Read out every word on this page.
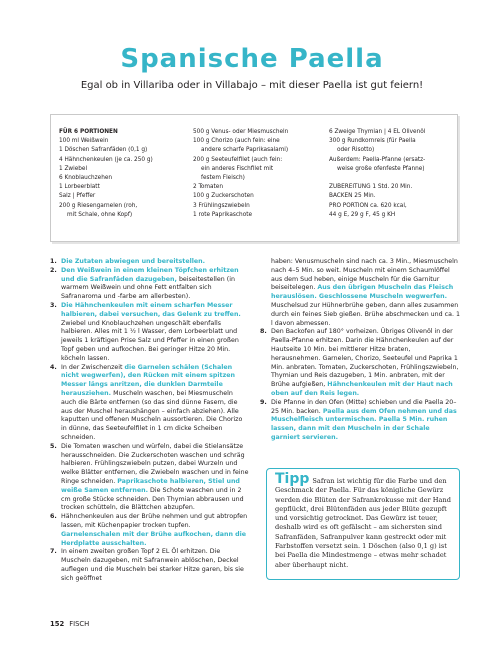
Spanische Paella
Egal ob in Villariba oder in Villabajo – mit dieser Paella ist gut feiern!
FÜR 6 PORTIONEN
100 ml Weißwein
1 Döschen Safranfäden (0,1 g)
4 Hähnchenkeulen (je ca. 250 g)
1 Zwiebel
6 Knoblauchzehen
1 Lorbeerblatt
Salz | Pfeffer
200 g Riesengarnelen (roh,
mit Schale, ohne Kopf)
500 g Venus- oder Miesmuscheln
100 g Chorizo (auch fein: eine
andere scharfe Paprikasalami)
200 g Seeteufelfilet (auch fein:
ein anderes Fischfilet mit
festem Fleisch)
2 Tomaten
100 g Zuckerschoten
3 Frühlingszwiebeln
1 rote Paprikaschote
6 Zweige Thymian | 4 EL Olivenöl
300 g Rundkornreis (für Paella
oder Risotto)
Außerdem: Paella-Pfanne (ersatz-
weise große ofenfeste Pfanne)
ZUBEREITUNG 1 Std. 20 Min.
BACKEN 25 Min.
PRO PORTION ca. 620 kcal,
44 g E, 29 g F, 45 g KH
1. Die Zutaten abwiegen und bereitstellen.
2. Den Weißwein in einem kleinen Töpfchen erhitzen und die Safranfäden dazugeben, beiseitestellen (in warmem Weißwein und ohne Fett entfalten sich Safranaroma und -farbe am allerbesten).
3. Die Hähnchenkeulen mit einem scharfen Messer halbieren, dabei versuchen, das Gelenk zu treffen. Zwiebel und Knoblauchzehen ungeschält ebenfalls halbieren. Alles mit 1 ½ l Wasser, dem Lorbeerblatt und jeweils 1 kräftigen Prise Salz und Pfeffer in einen großen Topf geben und aufkochen. Bei geringer Hitze 20 Min. köcheln lassen.
4. In der Zwischenzeit die Garnelen schälen (Schalen nicht wegwerfen), den Rücken mit einem spitzen Messer längs anritzen, die dunklen Darmteile herausziehen. Muscheln waschen, bei Miesmuscheln auch die Bärte entfernen (so das sind dünne Fasern, die aus der Muschel heraushängen – einfach abziehen). Alle kaputten und offenen Muscheln aussortieren. Die Chorizo in dünne, das Seeteufelfilet in 1 cm dicke Scheiben schneiden.
5. Die Tomaten waschen und würfeln, dabei die Stielansätze herausschneiden. Die Zuckerschoten waschen und schräg halbieren. Frühlingszwiebeln putzen, dabei Wurzeln und welke Blätter entfernen, die Zwiebeln waschen und in feine Ringe schneiden. Paprikaschote halbieren, Stiel und weiße Samen entfernen. Die Schote waschen und in 2 cm große Stücke schneiden. Den Thymian abbrausen und trocken schütteln, die Blättchen abzupfen.
6. Hähnchenkeulen aus der Brühe nehmen und gut abtropfen lassen, mit Küchenpapier trocken tupfen. Garnelenschalen mit der Brühe aufkochen, dann die Herdplatte ausschalten.
7. In einem zweiten großen Topf 2 EL Öl erhitzen. Die Muscheln dazugeben, mit Safranwein ablöschen, Deckel auflegen und die Muscheln bei starker Hitze garen, bis sie sich geöffnet
haben: Venusmuscheln sind nach ca. 3 Min., Miesmuscheln nach 4–5 Min. so weit. Muscheln mit einem Schaumlöffel aus dem Sud heben, einige Muscheln für die Garnitur beiseitelegen. Aus den übrigen Muscheln das Fleisch herauslösen. Geschlossene Muscheln wegwerfen. Muschelsud zur Hühnerbrühe geben, dann alles zusammen durch ein feines Sieb gießen. Brühe abschmecken und ca. 1 l davon abmessen.
8. Den Backofen auf 180° vorheizen. Übriges Olivenöl in der Paella-Pfanne erhitzen. Darin die Hähnchenkeulen auf der Hautseite 10 Min. bei mittlerer Hitze braten, herausnehmen. Garnelen, Chorizo, Seeteufel und Paprika 1 Min. anbraten. Tomaten, Zuckerschoten, Frühlingszwiebeln, Thymian und Reis dazugeben, 1 Min. anbraten, mit der Brühe aufgießen, Hähnchenkeulen mit der Haut nach oben auf den Reis legen.
9. Die Pfanne in den Ofen (Mitte) schieben und die Paella 20–25 Min. backen. Paella aus dem Ofen nehmen und das Muschelfleisch untermischen. Paella 5 Min. ruhen lassen, dann mit den Muscheln in der Schale garniert servieren.
Tipp Safran ist wichtig für die Farbe und den Geschmack der Paella. Für das königliche Gewürz werden die Blüten der Safrankrokusse mit der Hand gepflückt, drei Blütenfäden aus jeder Blüte gezupft und vorsichtig getrocknet. Das Gewürz ist teuer, deshalb wird es oft gefälscht – am sichersten sind Safranfäden, Safranpulver kann gestreckt oder mit Farbstoffen versetzt sein. 1 Döschen (also 0,1 g) ist bei Paella die Mindestmenge – etwas mehr schadet aber überhaupt nicht.
152 FISCH
